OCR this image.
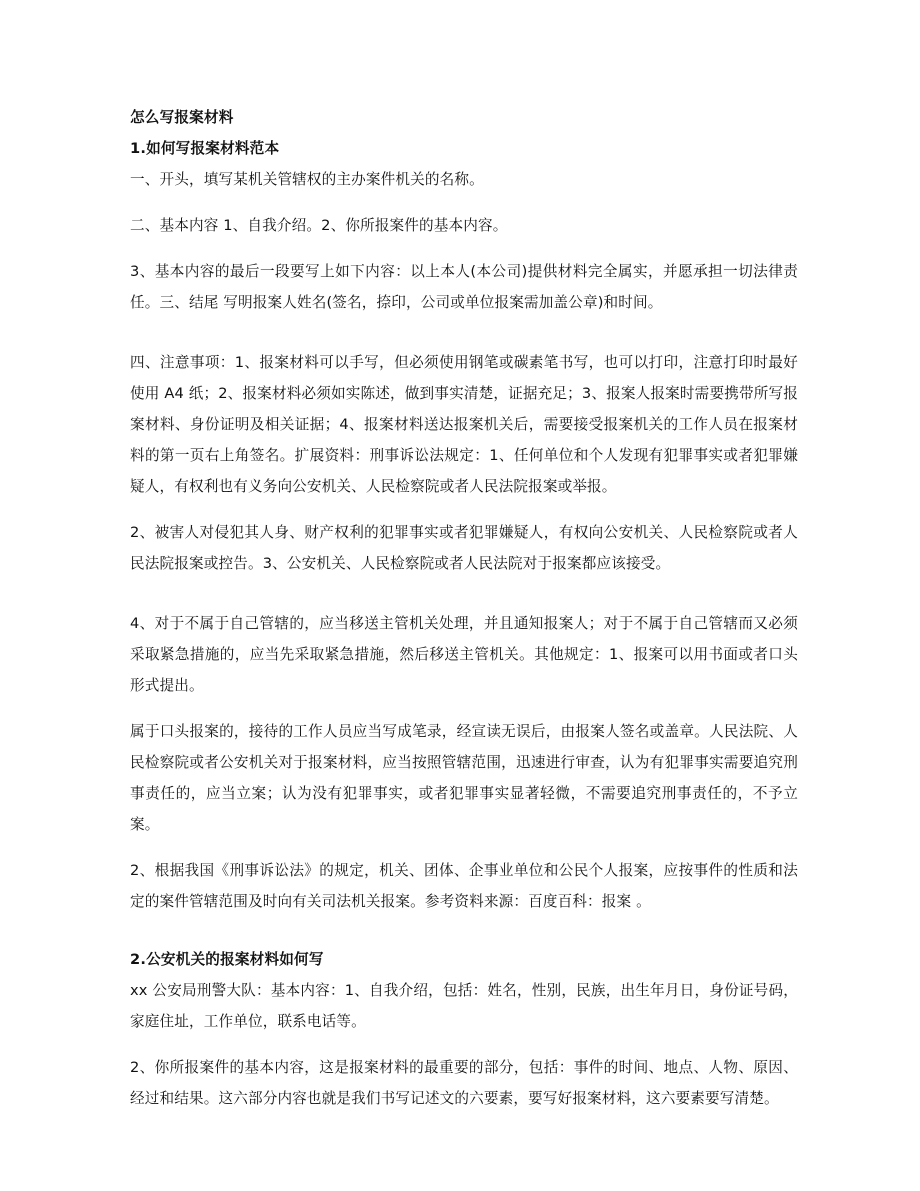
怎么写报案材料

1.如何写报案材料范本

一、开头，填写某机关管辖权的主办案件机关的名称。

二、基本内容 1、自我介绍。2、你所报案件的基本内容。

3、基本内容的最后一段要写上如下内容：以上本人(本公司)提供材料完全属实，并愿承担一切法律责任。三、结尾 写明报案人姓名(签名，捺印，公司或单位报案需加盖公章)和时间。

四、注意事项：1、报案材料可以手写，但必须使用钢笔或碳素笔书写，也可以打印，注意打印时最好使用 A4 纸；2、报案材料必须如实陈述，做到事实清楚，证据充足；3、报案人报案时需要携带所写报案材料、身份证明及相关证据；4、报案材料送达报案机关后，需要接受报案机关的工作人员在报案材料的第一页右上角签名。扩展资料：刑事诉讼法规定：1、任何单位和个人发现有犯罪事实或者犯罪嫌疑人，有权利也有义务向公安机关、人民检察院或者人民法院报案或举报。

2、被害人对侵犯其人身、财产权利的犯罪事实或者犯罪嫌疑人，有权向公安机关、人民检察院或者人民法院报案或控告。3、公安机关、人民检察院或者人民法院对于报案都应该接受。

4、对于不属于自己管辖的，应当移送主管机关处理，并且通知报案人；对于不属于自己管辖而又必须采取紧急措施的，应当先采取紧急措施，然后移送主管机关。其他规定：1、报案可以用书面或者口头形式提出。

属于口头报案的，接待的工作人员应当写成笔录，经宣读无误后，由报案人签名或盖章。人民法院、人民检察院或者公安机关对于报案材料，应当按照管辖范围，迅速进行审查，认为有犯罪事实需要追究刑事责任的，应当立案；认为没有犯罪事实，或者犯罪事实显著轻微，不需要追究刑事责任的，不予立案。

2、根据我国《刑事诉讼法》的规定，机关、团体、企事业单位和公民个人报案，应按事件的性质和法定的案件管辖范围及时向有关司法机关报案。参考资料来源：百度百科：报案 。

2.公安机关的报案材料如何写

xx 公安局刑警大队：基本内容：1、自我介绍，包括：姓名，性别，民族，出生年月日，身份证号码，家庭住址，工作单位，联系电话等。

2、你所报案件的基本内容，这是报案材料的最重要的部分，包括：事件的时间、地点、人物、原因、经过和结果。这六部分内容也就是我们书写记述文的六要素，要写好报案材料，这六要素要写清楚。
